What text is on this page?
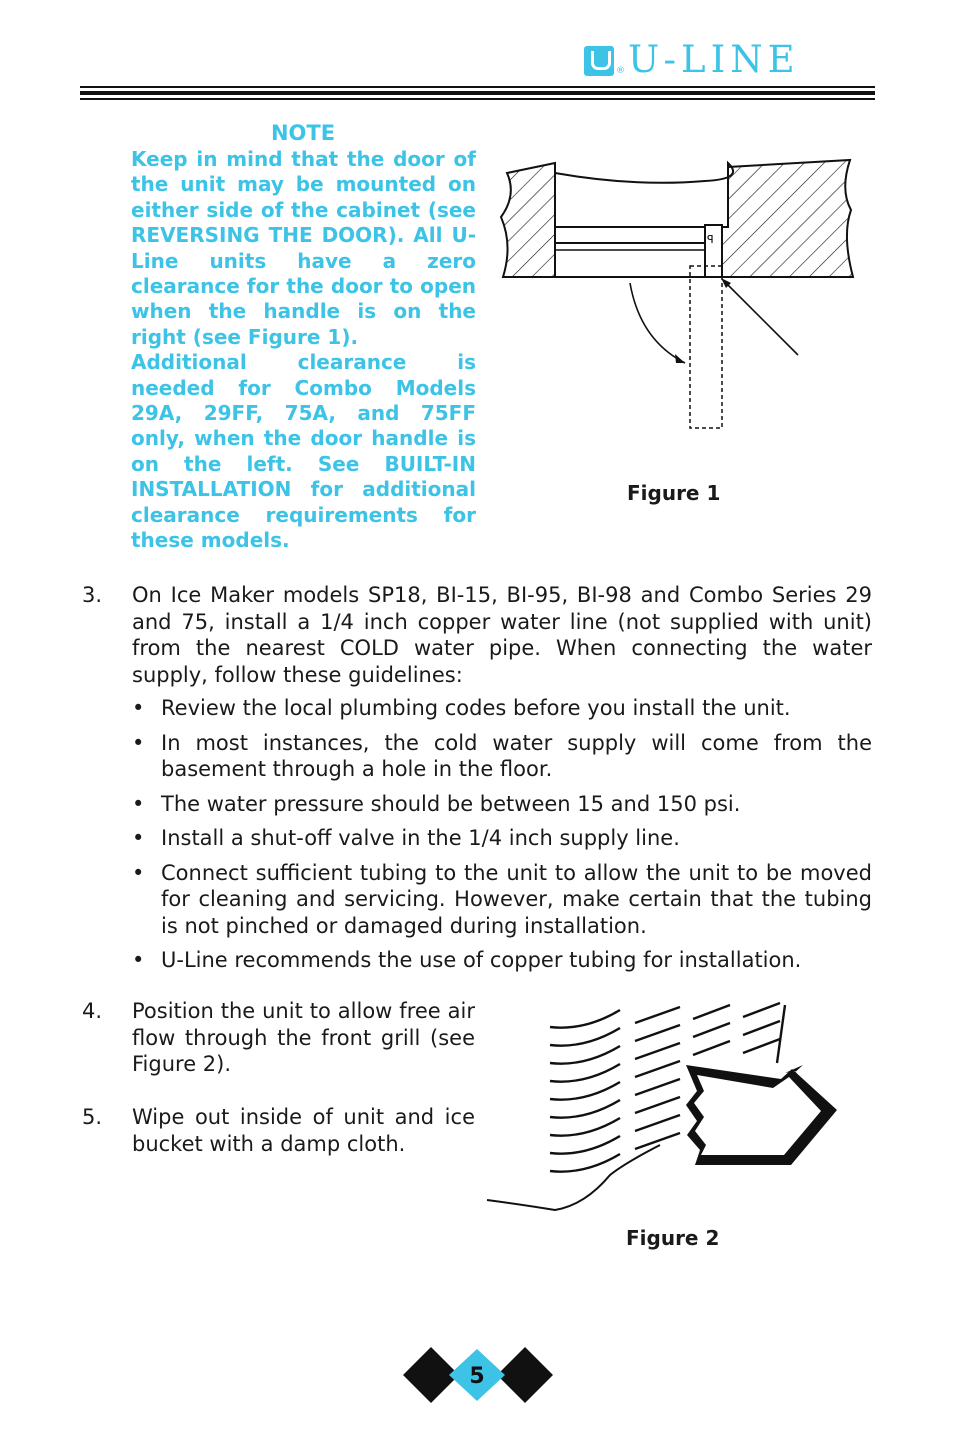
® U-LINE
NOTE

Keep in mind that the door of the unit may be mounted on either side of the cabinet (see REVERSING THE DOOR). All U-Line units have a zero clearance for the door to open when the handle is on the right (see Figure 1).

Additional clearance is needed for Combo Models 29A, 29FF, 75A, and 75FF only, when the door handle is on the left. See BUILT-IN INSTALLATION for additional clearance requirements for these models.

ꟼ
Figure 1
3. On Ice Maker models SP18, BI-15, BI-95, BI-98 and Combo Series 29 and 75, install a 1/4 inch copper water line (not supplied with unit) from the nearest COLD water pipe. When connecting the water supply, follow these guidelines:
• Review the local plumbing codes before you install the unit.
• In most instances, the cold water supply will come from the basement through a hole in the floor.
• The water pressure should be between 15 and 150 psi.
• Install a shut-off valve in the 1/4 inch supply line.
• Connect sufficient tubing to the unit to allow the unit to be moved for cleaning and servicing. However, make certain that the tubing is not pinched or damaged during installation.
• U-Line recommends the use of copper tubing for installation.
4. Position the unit to allow free air flow through the front grill (see Figure 2).
5. Wipe out inside of unit and ice bucket with a damp cloth.
Figure 2
5
